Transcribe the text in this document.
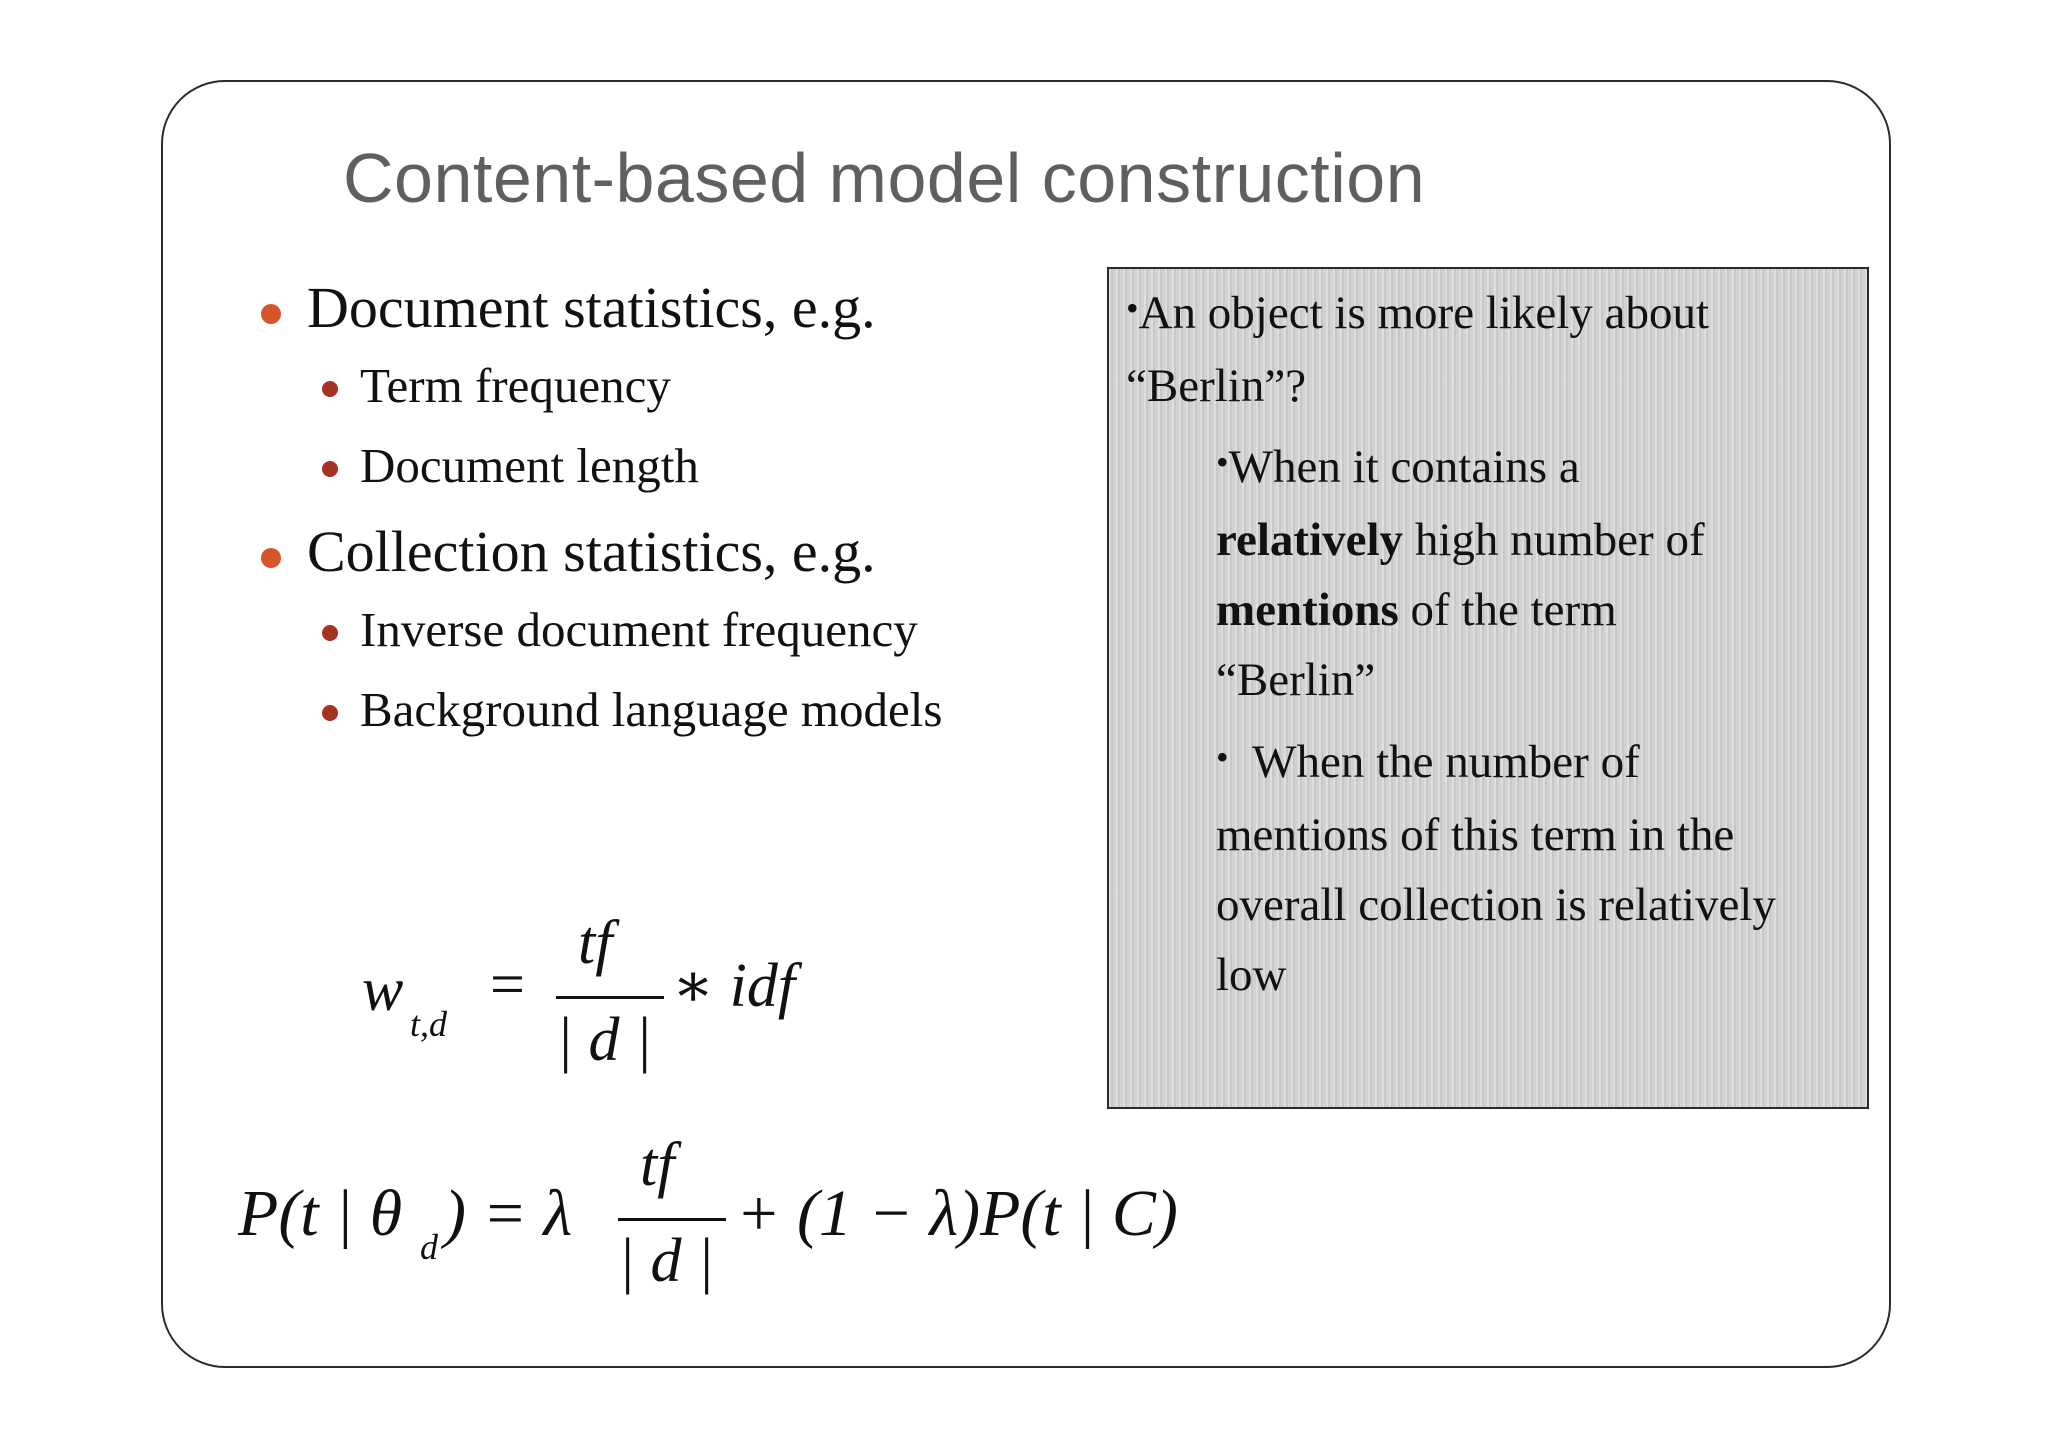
Content-based model construction
Document statistics, e.g.
Term frequency
Document length
Collection statistics, e.g.
Inverse document frequency
Background language models
•An object is more likely about
“Berlin”?
•When it contains a
relatively high number of
mentions of the term
“Berlin”
• When the number of
mentions of this term in the
overall collection is relatively
low
w t,d
=
tf
| d |
∗ idf
P(t | θ d ) = λ
tf
| d |
+ (1 − λ)P(t | C)
